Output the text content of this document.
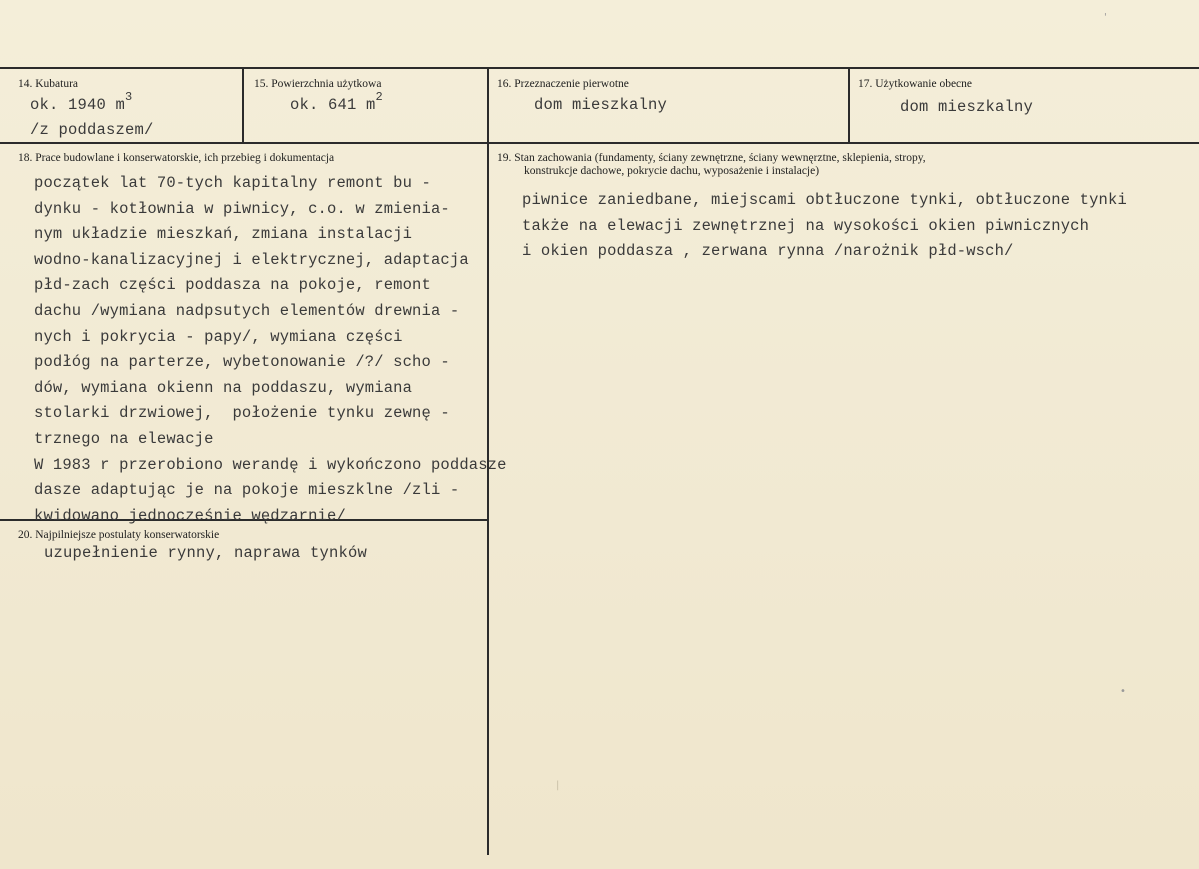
'
14. Kubatura
ok. 1940 $m^3$
/z poddaszem/
15. Powierzchnia użytkowa
ok. 641 $m^2$
16. Przeznaczenie pierwotne
dom mieszkalny
17. Użytkowanie obecne
dom mieszkalny
18. Prace budowlane i konserwatorskie, ich przebieg i dokumentacja
początek lat 70-tych kapitalny remont bu -
dynku - kotłownia w piwnicy, c.o. w zmienia-
nym układzie mieszkań, zmiana instalacji
wodno-kanalizacyjnej i elektrycznej, adaptacja
płd-zach części poddasza na pokoje, remont
dachu /wymiana nadpsutych elementów drewnia -
nych i pokrycia - papy/, wymiana części
podłóg na parterze, wybetonowanie /?/ scho -
dów, wymiana okienn na poddaszu, wymiana
stolarki drzwiowej,  położenie tynku zewnę -
trznego na elewacje
W 1983 r przerobiono werandę i wykończono poddasze
dasze adaptując je na pokoje mieszklne /zli -
kwidowano jednocześnie wędzarnie/
19. Stan zachowania (fundamenty, ściany zewnętrzne, ściany wewnęrztne, sklepienia, stropy,
konstrukcje dachowe, pokrycie dachu, wyposażenie i instalacje)
piwnice zaniedbane, miejscami obtłuczone tynki, obtłuczone tynki
także na elewacji zewnętrznej na wysokości okien piwnicznych
i okien poddasza , zerwana rynna /narożnik płd-wsch/
20. Najpilniejsze postulaty konserwatorskie
uzupełnienie rynny, naprawa tynków
•
|
